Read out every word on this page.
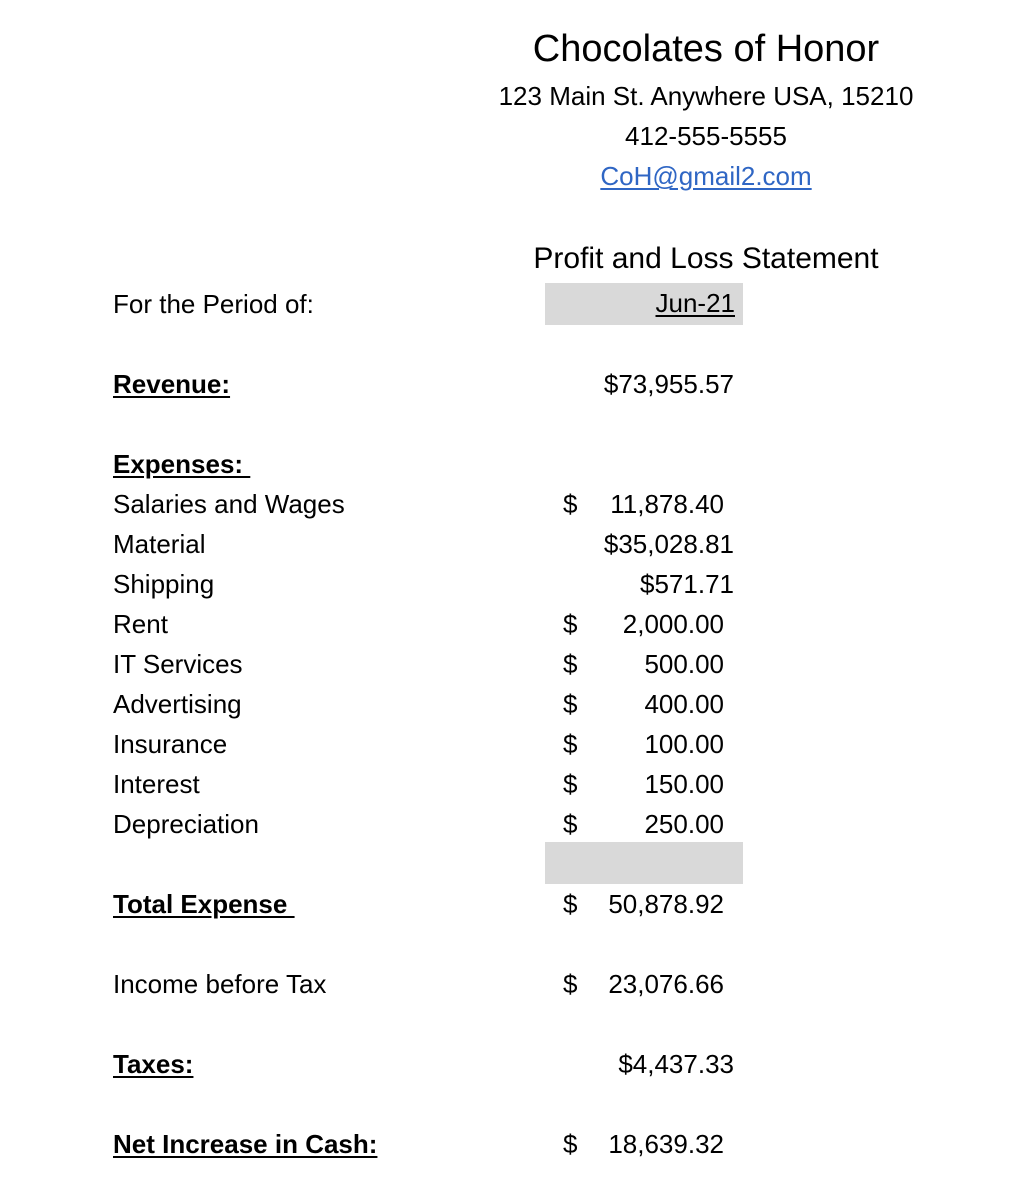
Chocolates of Honor
123 Main St. Anywhere USA, 15210
412-555-5555
CoH@gmail2.com
Profit and Loss Statement
For the Period of:	Jun-21
Revenue:	$73,955.57
Expenses:
Salaries and Wages	$ 11,878.40
Material	$35,028.81
Shipping	$571.71
Rent	$ 2,000.00
IT Services	$	500.00
Advertising	$	400.00
Insurance	$	100.00
Interest	$	150.00
Depreciation	$	250.00
Total Expense	$ 50,878.92
Income before Tax	$ 23,076.66
Taxes:	$4,437.33
Net Increase in Cash:	$ 18,639.32
